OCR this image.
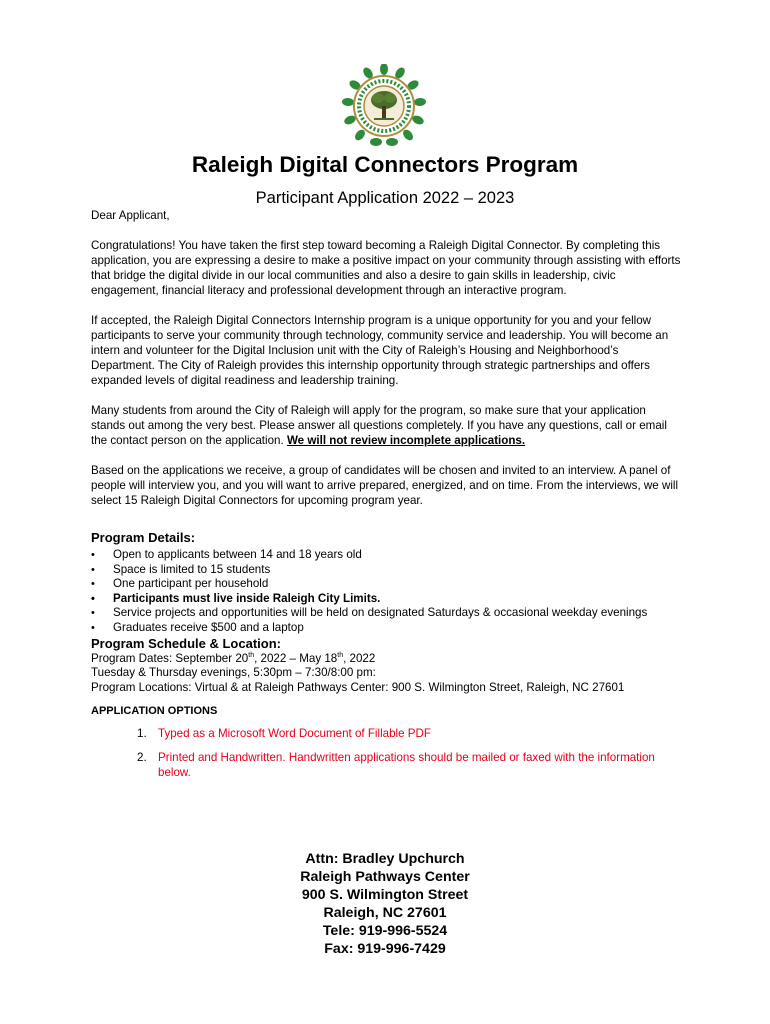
Raleigh Digital Connectors Program
Participant Application 2022 – 2023

Dear Applicant,

Congratulations! You have taken the first step toward becoming a Raleigh Digital Connector. By completing this application, you are expressing a desire to make a positive impact on your community through assisting with efforts that bridge the digital divide in our local communities and also a desire to gain skills in leadership, civic engagement, financial literacy and professional development through an interactive program.

If accepted, the Raleigh Digital Connectors Internship program is a unique opportunity for you and your fellow participants to serve your community through technology, community service and leadership. You will become an intern and volunteer for the Digital Inclusion unit with the City of Raleigh’s Housing and Neighborhood’s Department. The City of Raleigh provides this internship opportunity through strategic partnerships and offers expanded levels of digital readiness and leadership training.

Many students from around the City of Raleigh will apply for the program, so make sure that your application stands out among the very best. Please answer all questions completely. If you have any questions, call or email the contact person on the application. We will not review incomplete applications.

Based on the applications we receive, a group of candidates will be chosen and invited to an interview. A panel of people will interview you, and you will want to arrive prepared, energized, and on time. From the interviews, we will select 15 Raleigh Digital Connectors for upcoming program year.

Program Details:
• Open to applicants between 14 and 18 years old
• Space is limited to 15 students
• One participant per household
• Participants must live inside Raleigh City Limits.
• Service projects and opportunities will be held on designated Saturdays & occasional weekday evenings
• Graduates receive $500 and a laptop
Program Schedule & Location:
Program Dates: September 20th, 2022 – May 18th, 2022
Tuesday & Thursday evenings, 5:30pm – 7:30/8:00 pm:
Program Locations: Virtual & at Raleigh Pathways Center: 900 S. Wilmington Street, Raleigh, NC 27601

APPLICATION OPTIONS

1. Typed as a Microsoft Word Document of Fillable PDF
2. Printed and Handwritten. Handwritten applications should be mailed or faxed with the information below.
Attn: Bradley Upchurch
Raleigh Pathways Center
900 S. Wilmington Street
Raleigh, NC 27601
Tele: 919-996-5524
Fax: 919-996-7429
